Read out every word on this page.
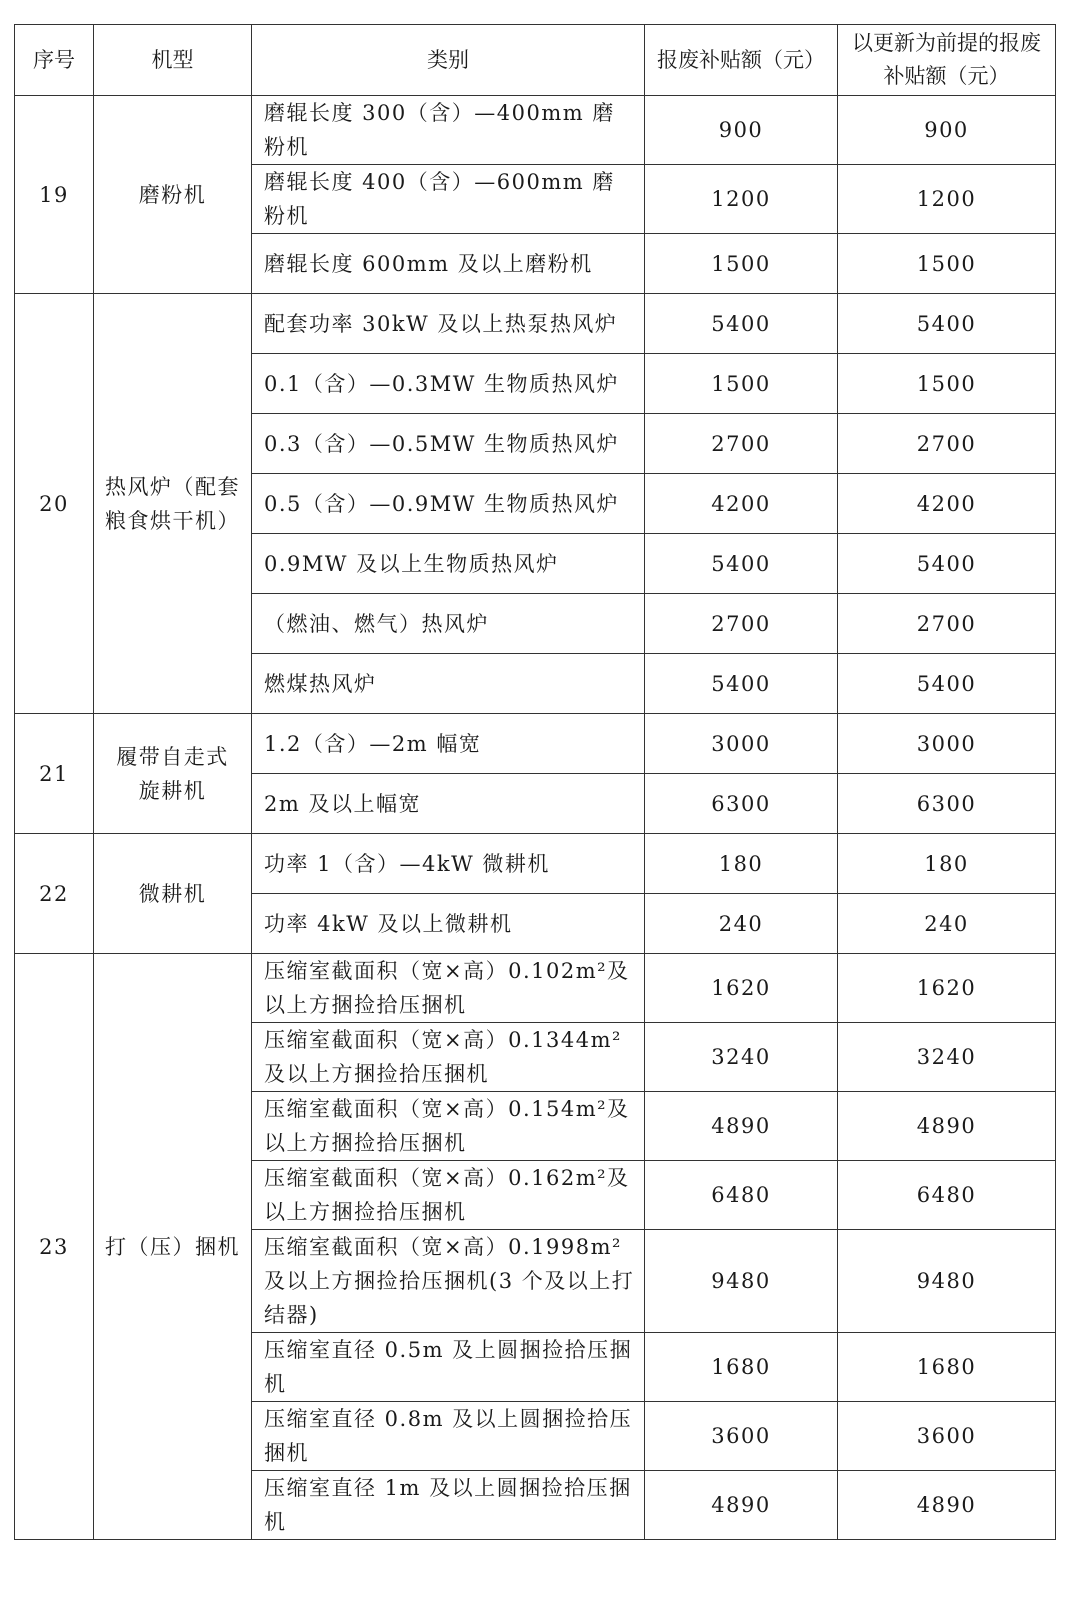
序号	机型	类别	报废补贴额（元）	以更新为前提的报废补贴额（元）
19	磨粉机	磨辊长度 300（含）—400mm 磨粉机	900	900
		磨辊长度 400（含）—600mm 磨粉机	1200	1200
		磨辊长度 600mm 及以上磨粉机	1500	1500
20	热风炉（配套粮食烘干机）	配套功率 30kW 及以上热泵热风炉	5400	5400
		0.1（含）—0.3MW 生物质热风炉	1500	1500
		0.3（含）—0.5MW 生物质热风炉	2700	2700
		0.5（含）—0.9MW 生物质热风炉	4200	4200
		0.9MW 及以上生物质热风炉	5400	5400
		（燃油、燃气）热风炉	2700	2700
		燃煤热风炉	5400	5400
21	履带自走式旋耕机	1.2（含）—2m 幅宽	3000	3000
		2m 及以上幅宽	6300	6300
22	微耕机	功率 1（含）—4kW 微耕机	180	180
		功率 4kW 及以上微耕机	240	240
23	打（压）捆机	压缩室截面积（宽×高）0.102m²及以上方捆捡拾压捆机	1620	1620
		压缩室截面积（宽×高）0.1344m²及以上方捆捡拾压捆机	3240	3240
		压缩室截面积（宽×高）0.154m²及以上方捆捡拾压捆机	4890	4890
		压缩室截面积（宽×高）0.162m²及以上方捆捡拾压捆机	6480	6480
		压缩室截面积（宽×高）0.1998m²及以上方捆捡拾压捆机(3 个及以上打结器)	9480	9480
		压缩室直径 0.5m 及上圆捆捡拾压捆机	1680	1680
		压缩室直径 0.8m 及以上圆捆捡拾压捆机	3600	3600
		压缩室直径 1m 及以上圆捆捡拾压捆机	4890	4890
